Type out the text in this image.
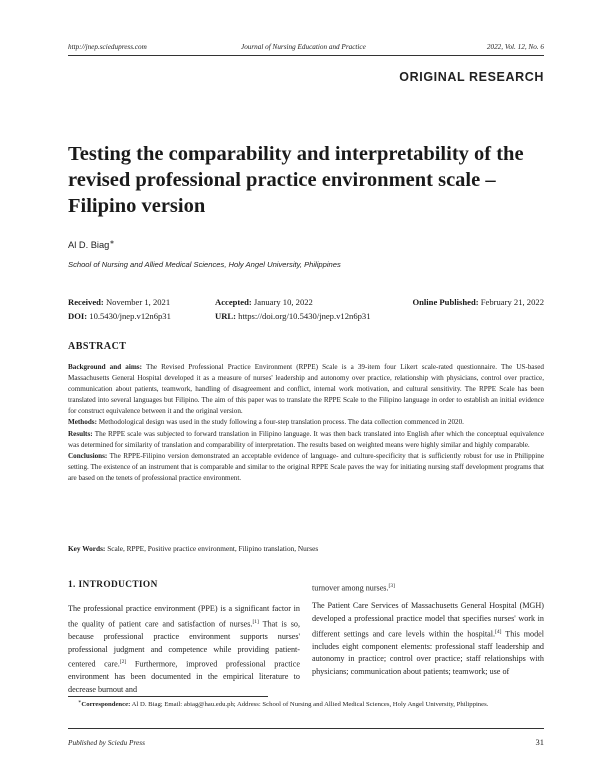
http://jnep.sciedupress.com	Journal of Nursing Education and Practice	2022, Vol. 12, No. 6
ORIGINAL RESEARCH
Testing the comparability and interpretability of the revised professional practice environment scale – Filipino version
Al D. Biag∗
School of Nursing and Allied Medical Sciences, Holy Angel University, Philippines
Received: November 1, 2021	Accepted: January 10, 2022	Online Published: February 21, 2022
DOI: 10.5430/jnep.v12n6p31	URL: https://doi.org/10.5430/jnep.v12n6p31
ABSTRACT

Background and aims: The Revised Professional Practice Environment (RPPE) Scale is a 39-item four Likert scale-rated questionnaire. The US-based Massachusetts General Hospital developed it as a measure of nurses' leadership and autonomy over practice, relationship with physicians, control over practice, communication about patients, teamwork, handling of disagreement and conflict, internal work motivation, and cultural sensitivity. The RPPE Scale has been translated into several languages but Filipino. The aim of this paper was to translate the RPPE Scale to the Filipino language in order to establish an initial evidence for construct equivalence between it and the original version.

Methods: Methodological design was used in the study following a four-step translation process. The data collection commenced in 2020.

Results: The RPPE scale was subjected to forward translation in Filipino language. It was then back translated into English after which the conceptual equivalence was determined for similarity of translation and comparability of interpretation. The results based on weighted means were highly similar and highly comparable.

Conclusions: The RPPE-Filipino version demonstrated an acceptable evidence of language- and culture-specificity that is sufficiently robust for use in Philippine setting. The existence of an instrument that is comparable and similar to the original RPPE Scale paves the way for initiating nursing staff development programs that are based on the tenets of professional practice environment.

Key Words: Scale, RPPE, Positive practice environment, Filipino translation, Nurses
1. INTRODUCTION

The professional practice environment (PPE) is a significant factor in the quality of patient care and satisfaction of nurses.[1] That is so, because professional practice environment supports nurses' professional judgment and competence while providing patient-centered care.[2] Furthermore, improved professional practice environment has been documented in the empirical literature to decrease burnout and

turnover among nurses.[3]

The Patient Care Services of Massachusetts General Hospital (MGH) developed a professional practice model that specifies nurses' work in different settings and care levels within the hospital.[4] This model includes eight component elements: professional staff leadership and autonomy in practice; control over practice; staff relationships with physicians; communication about patients; teamwork; use of

∗Correspondence: Al D. Biag; Email: abiag@hau.edu.ph; Address: School of Nursing and Allied Medical Sciences, Holy Angel University, Philippines.
Published by Sciedu Press	31
